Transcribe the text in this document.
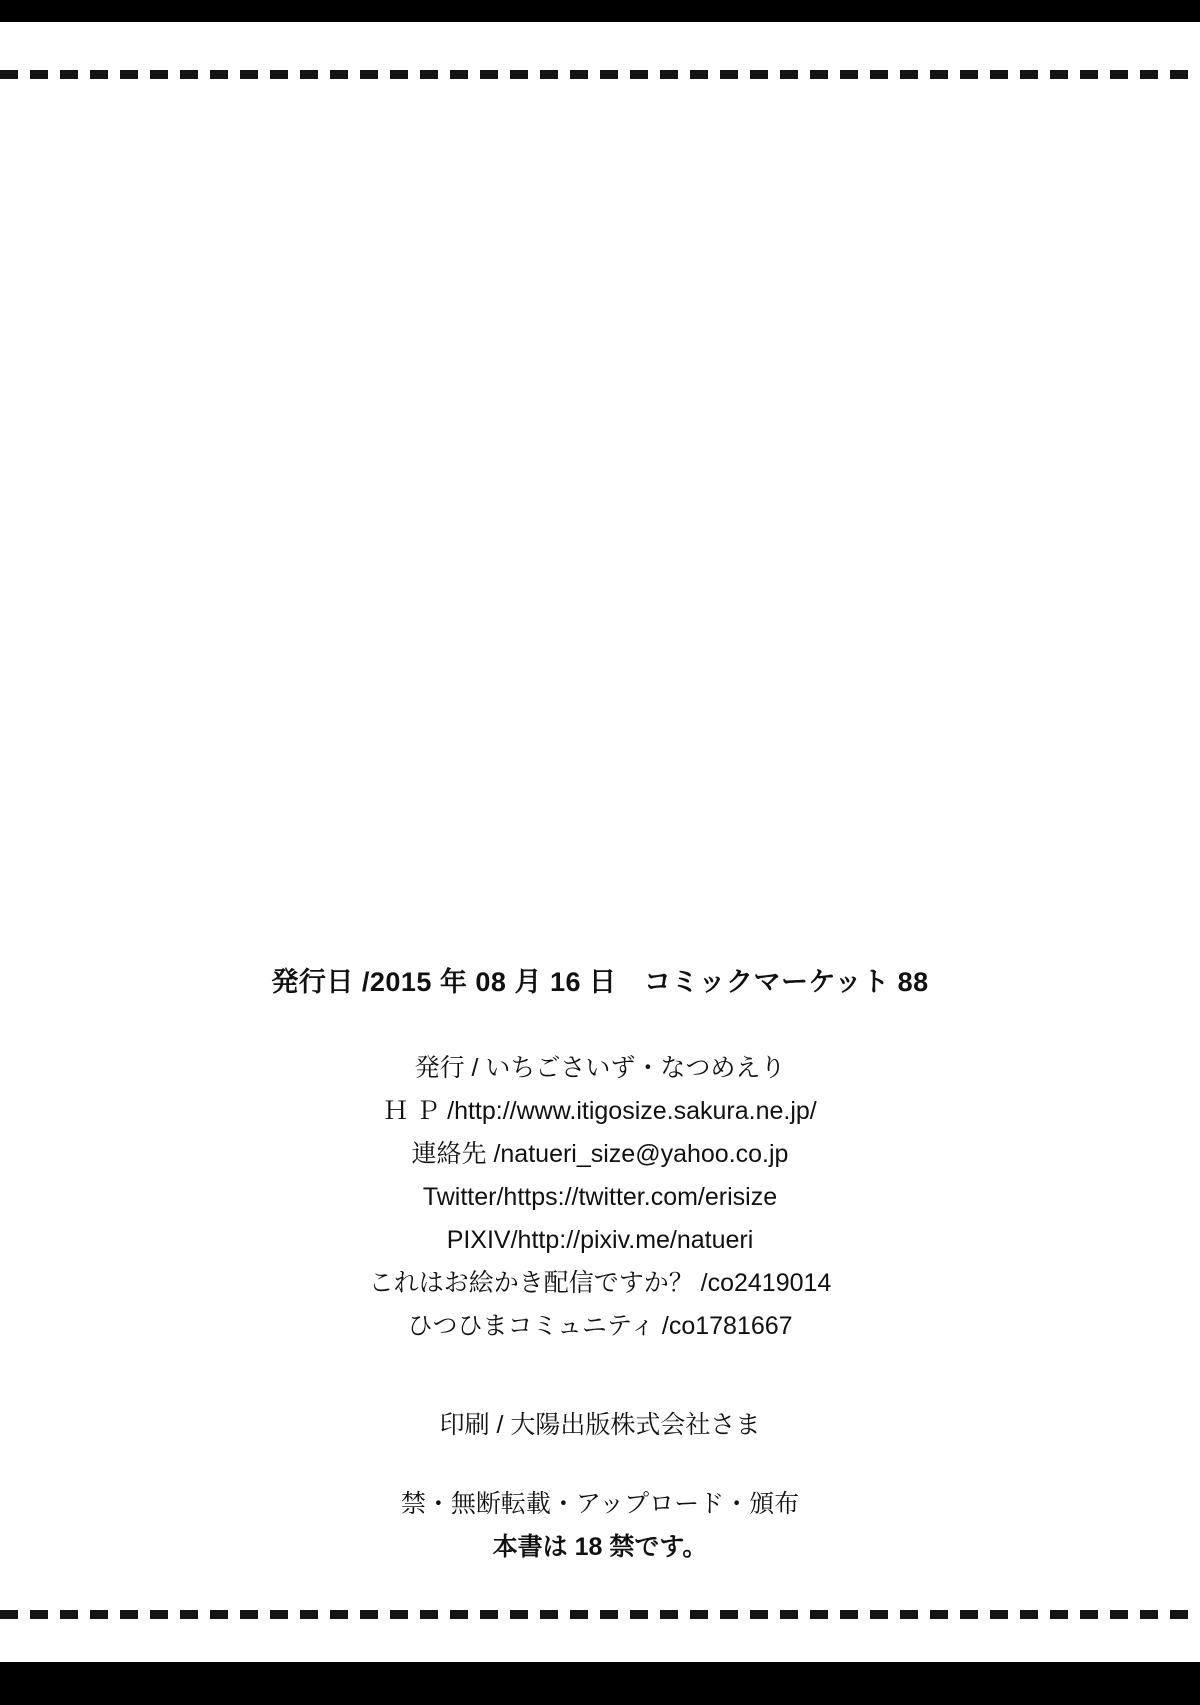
発行日 /2015 年 08 月 16 日　コミックマーケット 88
発行 / いちごさいず・なつめえり
Ｈ Ｐ /http://www.itigosize.sakura.ne.jp/
連絡先 /natueri_size@yahoo.co.jp
Twitter/https://twitter.com/erisize
PIXIV/http://pixiv.me/natueri
これはお絵かき配信ですか？ /co2419014
ひつひまコミュニティ /co1781667
印刷 / 大陽出版株式会社さま
禁・無断転載・アップロード・頒布
本書は 18 禁です。
